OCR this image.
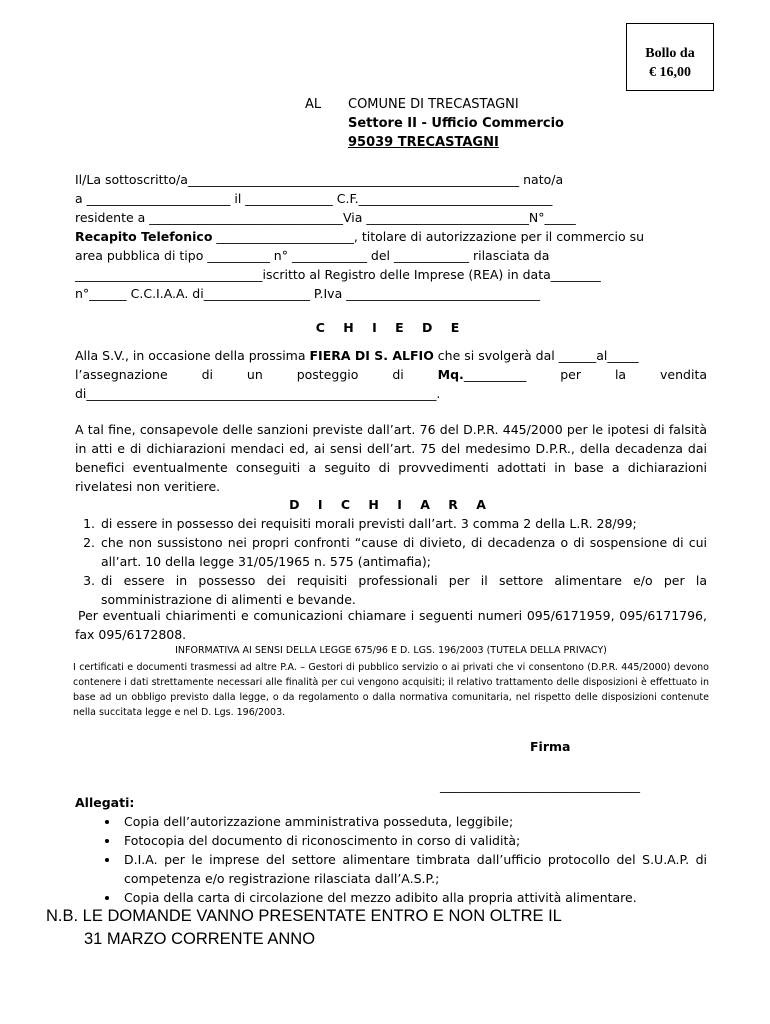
Bollo da
€ 16,00
AL COMUNE DI TRECASTAGNI
Settore II - Ufficio Commercio
95039 TRECASTAGNI
Il/La sottoscritto/a_____________________________________________________ nato/a
a _______________________ il ______________ C.F._______________________________
residente a _______________________________Via __________________________N°_____
Recapito Telefonico ______________________, titolare di autorizzazione per il commercio su
area pubblica di tipo __________ n° ____________ del ____________ rilasciata da
______________________________iscritto al Registro delle Imprese (REA) in data________
n°______ C.C.I.A.A. di_________________ P.Iva _______________________________
C H I E D E
Alla S.V., in occasione della prossima FIERA DI S. ALFIO che si svolgerà dal ______al_____
l’assegnazione di un posteggio di Mq.__________ per la vendita
di________________________________________________________.
A tal fine, consapevole delle sanzioni previste dall’art. 76 del D.P.R. 445/2000 per le ipotesi di falsità in atti e di dichiarazioni mendaci ed, ai sensi dell’art. 75 del medesimo D.P.R., della decadenza dai benefici eventualmente conseguiti a seguito di provvedimenti adottati in base a dichiarazioni rivelatesi non veritiere.
D I C H I A R A
1. di essere in possesso dei requisiti morali previsti dall’art. 3 comma 2 della L.R. 28/99;
2. che non sussistono nei propri confronti “cause di divieto, di decadenza o di sospensione di cui all’art. 10 della legge 31/05/1965 n. 575 (antimafia);
3. di essere in possesso dei requisiti professionali per il settore alimentare e/o per la somministrazione di alimenti e bevande.
Per eventuali chiarimenti e comunicazioni chiamare i seguenti numeri 095/6171959, 095/6171796, fax 095/6172808.
INFORMATIVA AI SENSI DELLA LEGGE 675/96 E D. LGS. 196/2003 (TUTELA DELLA PRIVACY)
I certificati e documenti trasmessi ad altre P.A. – Gestori di pubblico servizio o ai privati che vi consentono (D.P.R. 445/2000) devono contenere i dati strettamente necessari alle finalità per cui vengono acquisiti; il relativo trattamento delle disposizioni è effettuato in base ad un obbligo previsto dalla legge, o da regolamento o dalla normativa comunitaria, nel rispetto delle disposizioni contenute nella succitata legge e nel D. Lgs. 196/2003.
Firma
________________________________
Allegati:
• Copia dell’autorizzazione amministrativa posseduta, leggibile;
• Fotocopia del documento di riconoscimento in corso di validità;
• D.I.A. per le imprese del settore alimentare timbrata dall’ufficio protocollo del S.U.A.P. di competenza e/o registrazione rilasciata dall’A.S.P.;
• Copia della carta di circolazione del mezzo adibito alla propria attività alimentare.
N.B. LE DOMANDE VANNO PRESENTATE ENTRO E NON OLTRE IL
31 MARZO CORRENTE ANNO
